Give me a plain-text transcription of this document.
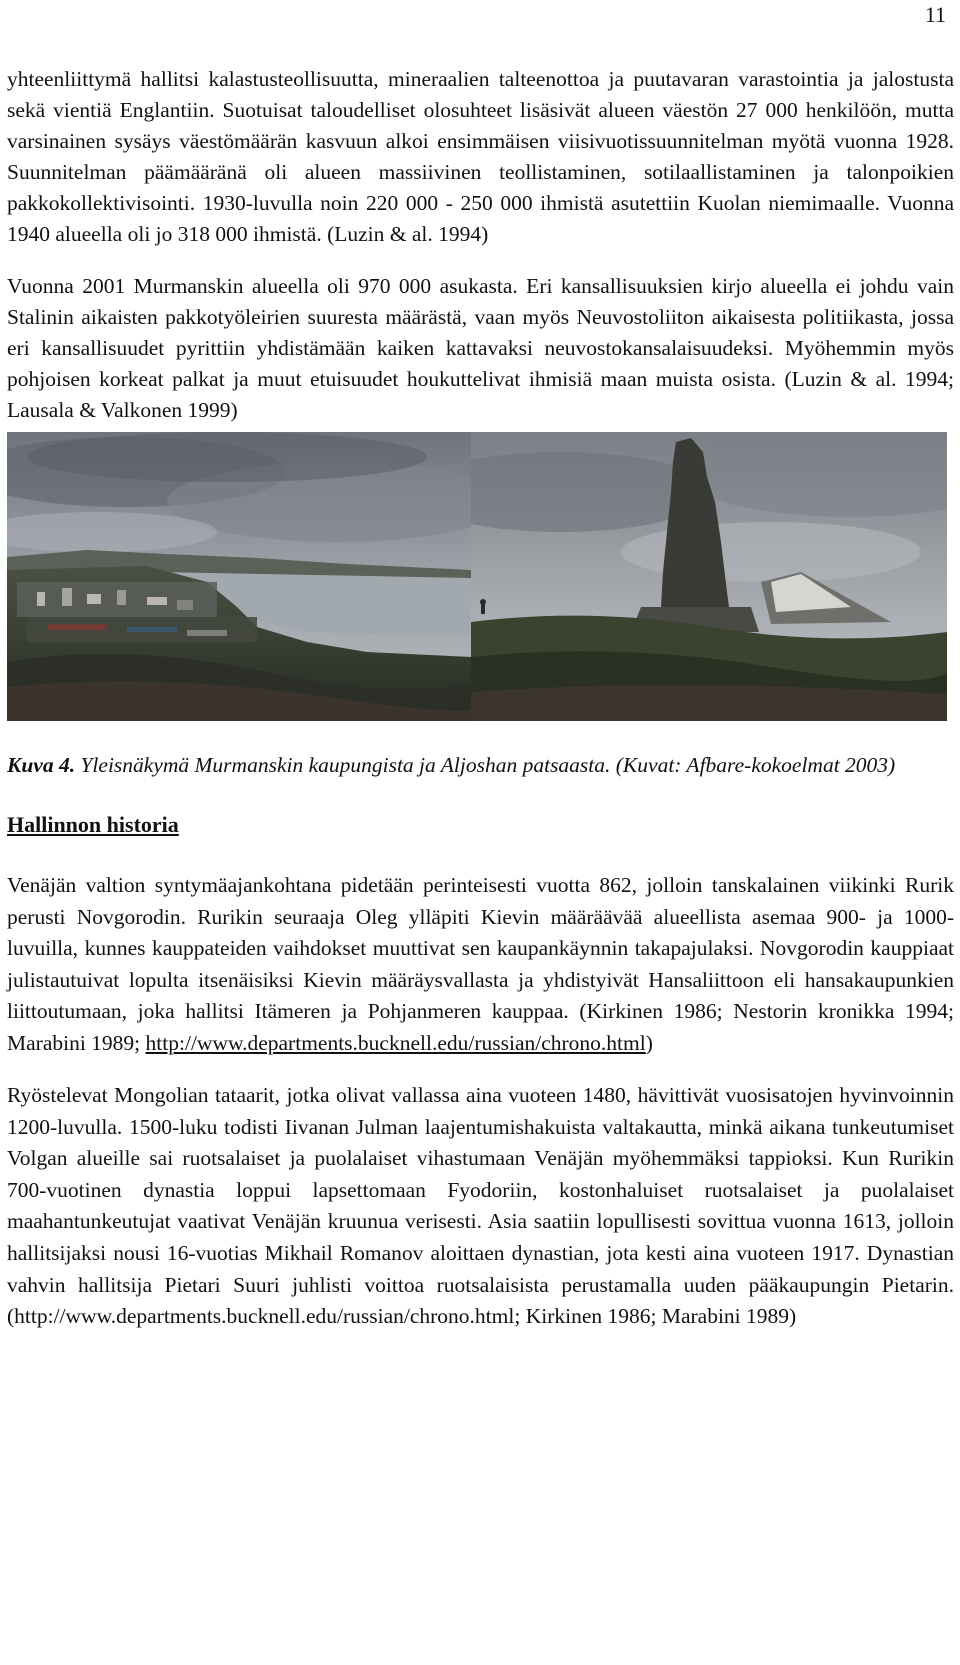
11

yhteenliittymä hallitsi kalastusteollisuutta, mineraalien talteenottoa ja puutavaran varastointia ja jalostusta sekä vientiä Englantiin. Suotuisat taloudelliset olosuhteet lisäsivät alueen väestön 27 000 henkilöön, mutta varsinainen sysäys väestömäärän kasvuun alkoi ensimmäisen viisivuotissuunnitelman myötä vuonna 1928. Suunnitelman päämääränä oli alueen massiivinen teollistaminen, sotilaallistaminen ja talonpoikien pakkokollektivisointi. 1930-luvulla noin 220 000 - 250 000 ihmistä asutettiin Kuolan niemimaalle. Vuonna 1940 alueella oli jo 318 000 ihmistä. (Luzin & al. 1994)

Vuonna 2001 Murmanskin alueella oli 970 000 asukasta. Eri kansallisuuksien kirjo alueella ei johdu vain Stalinin aikaisten pakkotyöleirien suuresta määrästä, vaan myös Neuvostoliiton aikaisesta politiikasta, jossa eri kansallisuudet pyrittiin yhdistämään kaiken kattavaksi neuvostokansalaisuudeksi. Myöhemmin myös pohjoisen korkeat palkat ja muut etuisuudet houkuttelivat ihmisiä maan muista osista. (Luzin & al. 1994; Lausala & Valkonen 1999)

Kuva 4. Yleisnäkymä Murmanskin kaupungista ja Aljoshan patsaasta. (Kuvat: Afbare-kokoelmat 2003)

Hallinnon historia

Venäjän valtion syntymäajankohtana pidetään perinteisesti vuotta 862, jolloin tanskalainen viikinki Rurik perusti Novgorodin. Rurikin seuraaja Oleg ylläpiti Kievin määräävää alueellista asemaa 900- ja 1000-luvuilla, kunnes kauppateiden vaihdokset muuttivat sen kaupankäynnin takapajulaksi. Novgorodin kauppiaat julistautuivat lopulta itsenäisiksi Kievin määräysvallasta ja yhdistyivät Hansaliittoon eli hansakaupunkien liittoutumaan, joka hallitsi Itämeren ja Pohjanmeren kauppaa. (Kirkinen 1986; Nestorin kronikka 1994; Marabini 1989; http://www.departments.bucknell.edu/russian/chrono.html)

Ryöstelevat Mongolian tataarit, jotka olivat vallassa aina vuoteen 1480, hävittivät vuosisatojen hyvinvoinnin 1200-luvulla. 1500-luku todisti Iivanan Julman laajentumishakuista valtakautta, minkä aikana tunkeutumiset Volgan alueille sai ruotsalaiset ja puolalaiset vihastumaan Venäjän myöhemmäksi tappioksi. Kun Rurikin 700-vuotinen dynastia loppui lapsettomaan Fyodoriin, kostonhaluiset ruotsalaiset ja puolalaiset maahantunkeutujat vaativat Venäjän kruunua verisesti. Asia saatiin lopullisesti sovittua vuonna 1613, jolloin hallitsijaksi nousi 16-vuotias Mikhail Romanov aloittaen dynastian, jota kesti aina vuoteen 1917. Dynastian vahvin hallitsija Pietari Suuri juhlisti voittoa ruotsalaisista perustamalla uuden pääkaupungin Pietarin. (http://www.departments.bucknell.edu/russian/chrono.html; Kirkinen 1986; Marabini 1989)
